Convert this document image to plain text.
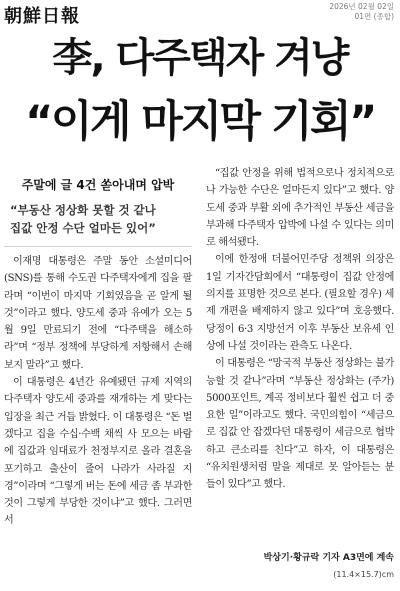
朝鮮日報	2026년 02월 02일
01면 (종합)
李, 다주택자 겨냥
“이게 마지막 기회”
주말에 글 4건 쏟아내며 압박
“부동산 정상화 못할 것 같나
집값 안정 수단 얼마든 있어”

이재명 대통령은 주말 동안 소셜미디어(SNS)를 통해 수도권 다주택자에게 집을 팔라며 “이번이 마지막 기회였음을 곧 알게 될 것”이라고 했다. 양도세 중과 유예가 오는 5월 9일 만료되기 전에 “다주택을 해소하라”며 “정부 정책에 부당하게 저항해서 손해보지 말라”고 했다.

이 대통령은 4년간 유예됐던 규제 지역의 다주택자 양도세 중과를 재개하는 게 맞다는 입장을 최근 거듭 밝혔다. 이 대통령은 “돈 벌겠다고 집을 수십·수백 채씩 사 모으는 바람에 집값과 임대료가 천정부지로 올라 결혼을 포기하고 출산이 줄어 나라가 사라질 지경”이라며 “그렇게 버는 돈에 세금 좀 부과한 것이 그렇게 부당한 것이냐”고 했다. 그러면서

“집값 안정을 위해 법적으로나 정치적으로나 가능한 수단은 얼마든지 있다”고 했다. 양도세 중과 부활 외에 추가적인 부동산 세금을 부과해 다주택자 압박에 나설 수 있다는 의미로 해석됐다.

이에 한정애 더불어민주당 정책위 의장은 1일 기자간담회에서 “대통령이 집값 안정에 의지를 표명한 것으로 본다. (필요할 경우) 세제 개편을 배제하지 않고 있다”며 호응했다. 당정이 6·3 지방선거 이후 부동산 보유세 인상에 나설 것이라는 관측도 나온다.

이 대통령은 “망국적 부동산 정상화는 불가능할 것 같나”라며 “부동산 정상화는 (주가) 5000포인트, 계곡 정비보다 훨씬 쉽고 더 중요한 일”이라고도 했다. 국민의힘이 “세금으로 집값 안 잡겠다던 대통령이 세금으로 협박하고 큰소리를 친다”고 하자, 이 대통령은 “유치원생처럼 말을 제대로 못 알아듣는 분들이 있다”고 했다.

박상기·황규락 기자 A3면에 계속
(11.4×15.7)cm
